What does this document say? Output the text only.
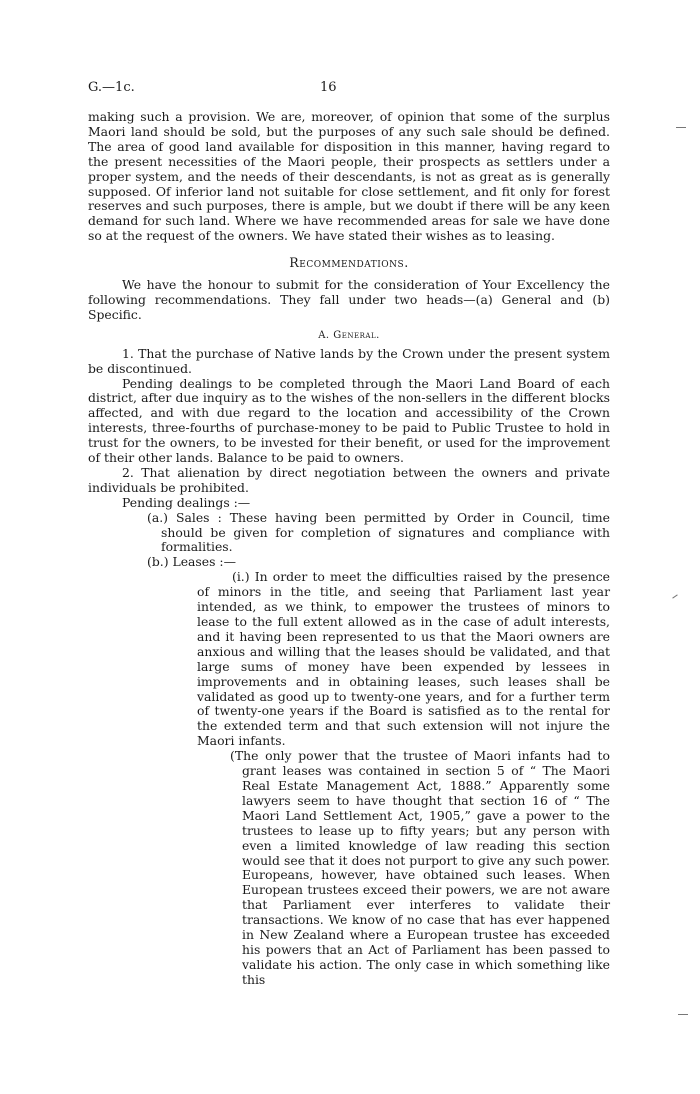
G.—1c.	16

making such a provision. We are, moreover, of opinion that some of the surplus Maori land should be sold, but the purposes of any such sale should be defined. The area of good land available for disposition in this manner, having regard to the present necessities of the Maori people, their prospects as settlers under a proper system, and the needs of their descendants, is not as great as is generally supposed. Of inferior land not suitable for close settlement, and fit only for forest reserves and such purposes, there is ample, but we doubt if there will be any keen demand for such land. Where we have recommended areas for sale we have done so at the request of the owners. We have stated their wishes as to leasing.

Recommendations.

We have the honour to submit for the consideration of Your Excellency the following recommendations. They fall under two heads—(a) General and (b) Specific.

A. General.

1. That the purchase of Native lands by the Crown under the present system be discontinued.

Pending dealings to be completed through the Maori Land Board of each district, after due inquiry as to the wishes of the non-sellers in the different blocks affected, and with due regard to the location and accessibility of the Crown interests, three-fourths of purchase-money to be paid to Public Trustee to hold in trust for the owners, to be invested for their benefit, or used for the improvement of their other lands. Balance to be paid to owners.

2. That alienation by direct negotiation between the owners and private individuals be prohibited.

Pending dealings :—

(a.) Sales : These having been permitted by Order in Council, time should be given for completion of signatures and compliance with formalities.

(b.) Leases :—

(i.) In order to meet the difficulties raised by the presence of minors in the title, and seeing that Parliament last year intended, as we think, to empower the trustees of minors to lease to the full extent allowed as in the case of adult interests, and it having been represented to us that the Maori owners are anxious and willing that the leases should be validated, and that large sums of money have been expended by lessees in improvements and in obtaining leases, such leases shall be validated as good up to twenty-one years, and for a further term of twenty-one years if the Board is satisfied as to the rental for the extended term and that such extension will not injure the Maori infants.

(The only power that the trustee of Maori infants had to grant leases was contained in section 5 of “ The Maori Real Estate Management Act, 1888.” Apparently some lawyers seem to have thought that section 16 of “ The Maori Land Settlement Act, 1905,” gave a power to the trustees to lease up to fifty years; but any person with even a limited knowledge of law reading this section would see that it does not purport to give any such power. Europeans, however, have obtained such leases. When European trustees exceed their powers, we are not aware that Parliament ever interferes to validate their transactions. We know of no case that has ever happened in New Zealand where a European trustee has exceeded his powers that an Act of Parliament has been passed to validate his action. The only case in which something like this
